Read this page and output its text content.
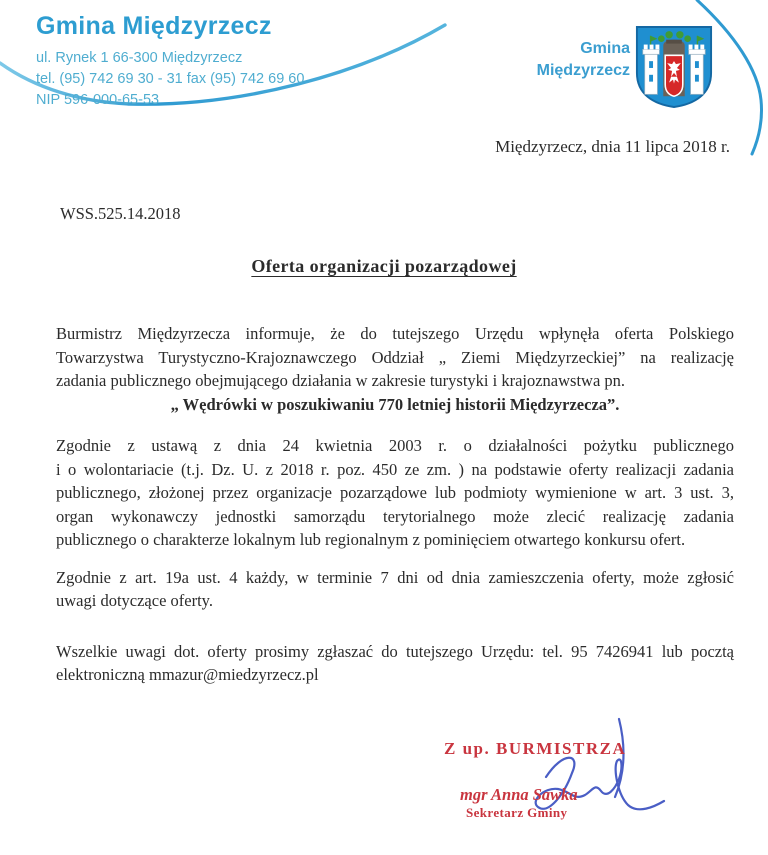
Gmina Międzyrzecz
ul. Rynek 1 66-300 Międzyrzecz
tel. (95) 742 69 30 - 31 fax (95) 742 69 60
NIP 596-000-65-53
Gmina
Międzyrzecz
Międzyrzecz, dnia 11 lipca 2018 r.
WSS.525.14.2018
Oferta organizacji pozarządowej
Burmistrz Międzyrzecza informuje, że do tutejszego Urzędu wpłynęła oferta Polskiego
Towarzystwa Turystyczno-Krajoznawczego Oddział „ Ziemi Międzyrzeckiej” na realizację
zadania publicznego obejmującego działania w zakresie turystyki i krajoznawstwa pn.
„ Wędrówki w poszukiwaniu 770 letniej historii Międzyrzecza”.
Zgodnie z ustawą z dnia 24 kwietnia 2003 r. o działalności pożytku publicznego
i o wolontariacie (t.j. Dz. U. z 2018 r. poz. 450 ze zm. ) na podstawie oferty realizacji zadania
publicznego, złożonej przez organizacje pozarządowe lub podmioty wymienione w art. 3 ust. 3,
organ wykonawczy jednostki samorządu terytorialnego może zlecić realizację zadania
publicznego o charakterze lokalnym lub regionalnym z pominięciem otwartego konkursu ofert.
Zgodnie z art. 19a ust. 4 każdy, w terminie 7 dni od dnia zamieszczenia oferty, może zgłosić
uwagi dotyczące oferty.
Wszelkie uwagi dot. oferty prosimy zgłaszać do tutejszego Urzędu: tel. 95 7426941 lub pocztą
elektroniczną mmazur@miedzyrzecz.pl
Z up. BURMISTRZA
mgr Anna Sawka
Sekretarz Gminy
